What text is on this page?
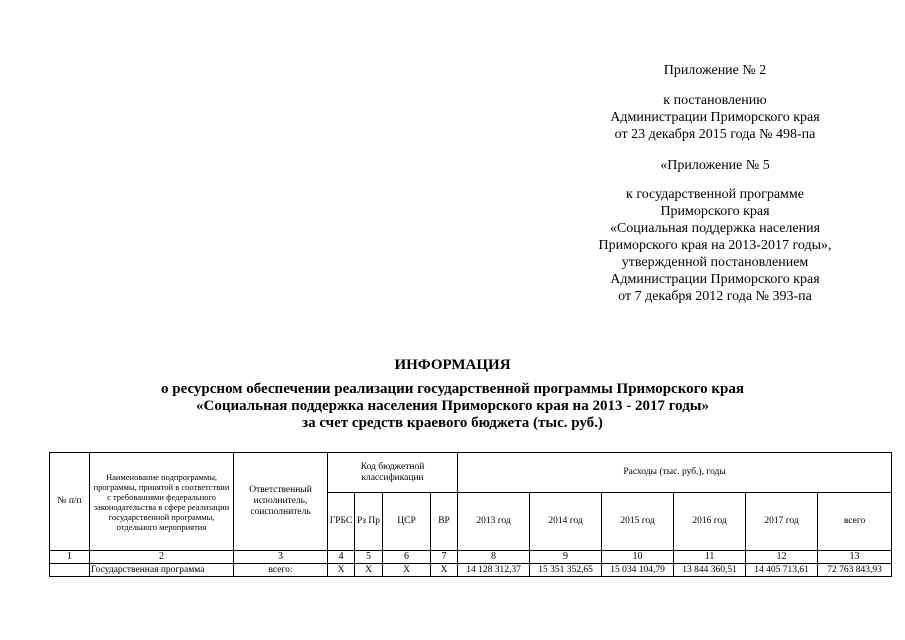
Приложение № 2
к постановлению
Администрации Приморского края
от 23 декабря 2015 года № 498-па
«Приложение № 5
к государственной программе
Приморского края
«Социальная поддержка населения
Приморского края на 2013-2017 годы»,
утвержденной постановлением
Администрации Приморского края
от 7 декабря 2012 года № 393-па
ИНФОРМАЦИЯ
о ресурсном обеспечении реализации государственной программы Приморского края
«Социальная поддержка населения Приморского края на 2013 - 2017 годы»
за счет средств краевого бюджета (тыс. руб.)
№ п/п	Наименование подпрограммы, программы, принятой в соответствии с требованиями федерального законодательства в сфере реализации государственной программы, отдельного мероприятия	Ответственный исполнитель, соисполнитель	Код бюджетной классификации				Расходы (тыс. руб.), годы					
			ГРБС	Рз Пр	ЦСР	ВР	2013 год	2014 год	2015 год	2016 год	2017 год	всего
1	2	3	4	5	6	7	8	9	10	11	12	13
	Государственная программа	всего:	X	X	X	X	14 128 312,37	15 351 352,65	15 034 104,79	13 844 360,51	14 405 713,61	72 763 843,93
